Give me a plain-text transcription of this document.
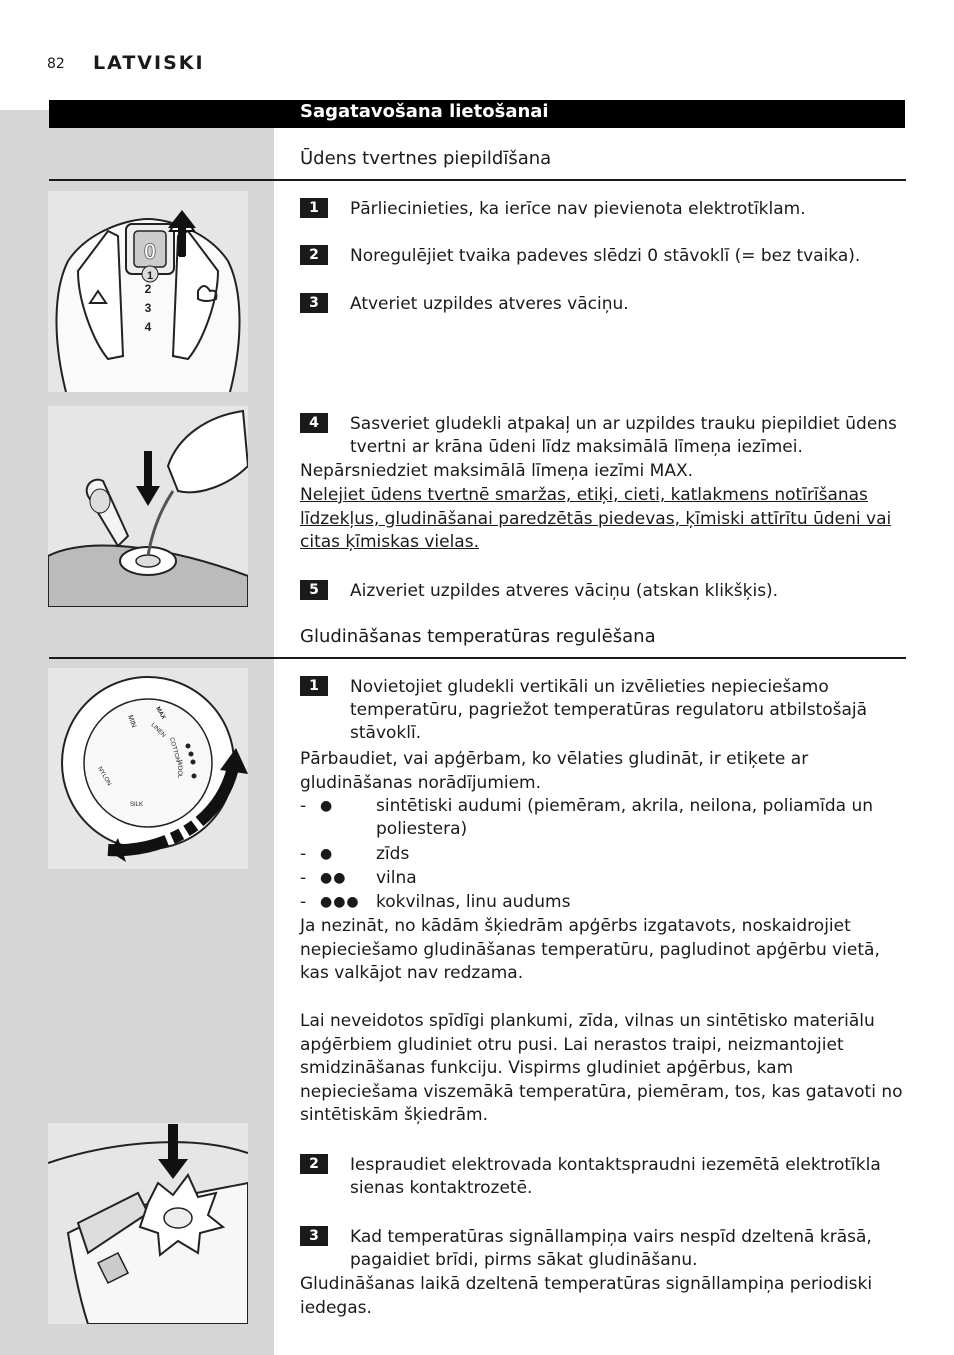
82 LATVISKI
Sagatavošana lietošanai
Ūdens tvertnes piepildīšana
0
1
2
3
4
1	Pārliecinieties, ka ierīce nav pievienota elektrotīklam.
2	Noregulējiet tvaika padeves slēdzi 0 stāvoklī (= bez tvaika).
3	Atveriet uzpildes atveres vāciņu.
4	Sasveriet gludekli atpakaļ un ar uzpildes trauku piepildiet ūdens tvertni ar krāna ūdeni līdz maksimālā līmeņa iezīmei.
Nepārsniedziet maksimālā līmeņa iezīmi MAX.
Nelejiet ūdens tvertnē smaržas, etiķi, cieti, katlakmens notīrīšanas līdzekļus, gludināšanai paredzētās piedevas, ķīmiski attīrītu ūdeni vai citas ķīmiskas vielas.
5	Aizveriet uzpildes atveres vāciņu (atskan klikšķis).
Gludināšanas temperatūras regulēšana
MIN
MAX
LINEN
COTTON
WOOL
SILK
NYLON
1	Novietojiet gludekli vertikāli un izvēlieties nepieciešamo temperatūru, pagriežot temperatūras regulatoru atbilstošajā stāvoklī.
Pārbaudiet, vai apģērbam, ko vēlaties gludināt, ir etiķete ar gludināšanas norādījumiem.
- ●	sintētiski audumi (piemēram, akrila, neilona, poliamīda un poliestera)
- ●	zīds
- ●● vilna
- ●●● kokvilnas, linu audums
Ja nezināt, no kādām šķiedrām apģērbs izgatavots, noskaidrojiet nepieciešamo gludināšanas temperatūru, pagludinot apģērbu vietā, kas valkājot nav redzama.
Lai neveidotos spīdīgi plankumi, zīda, vilnas un sintētisko materiālu apģērbiem gludiniet otru pusi. Lai nerastos traipi, neizmantojiet smidzināšanas funkciju. Vispirms gludiniet apģērbus, kam nepieciešama viszemākā temperatūra, piemēram, tos, kas gatavoti no sintētiskām šķiedrām.
2	Iespraudiet elektrovada kontaktspraudni iezemētā elektrotīkla sienas kontaktrozetē.
3	Kad temperatūras signāllampiņa vairs nespīd dzeltenā krāsā, pagaidiet brīdi, pirms sākat gludināšanu.
Gludināšanas laikā dzeltenā temperatūras signāllampiņa periodiski iedegas.
